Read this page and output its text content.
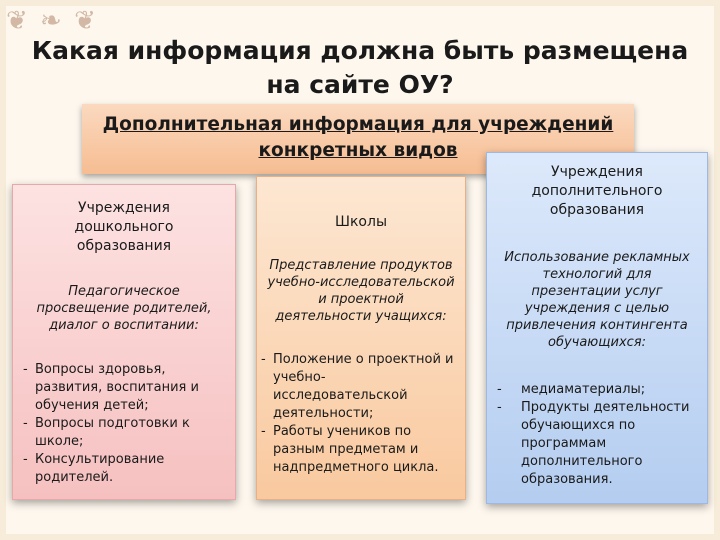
❦ ❧ ❦
Какая информация должна быть размещена
на сайте ОУ?
Дополнительная информация для учреждений
конкретных видов
Учреждения
дошкольного
образования
Педагогическое
просвещение родителей,
диалог о воспитании:
- Вопросы здоровья,
развития, воспитания и
обучения детей;
- Вопросы подготовки к
школе;
- Консультирование
родителей.
Школы
Представление продуктов
учебно-исследовательской
и проектной
деятельности учащихся:
- Положение о проектной и
учебно-исследовательской
деятельности;
- Работы учеников по
разным предметам и
надпредметного цикла.
Учреждения
дополнительного
образования
Использование рекламных
технологий для
презентации услуг
учреждения с целью
привлечения контингента
обучающихся:
- медиаматериалы;
- Продукты деятельности
обучающихся по
программам
дополнительного
образования.
